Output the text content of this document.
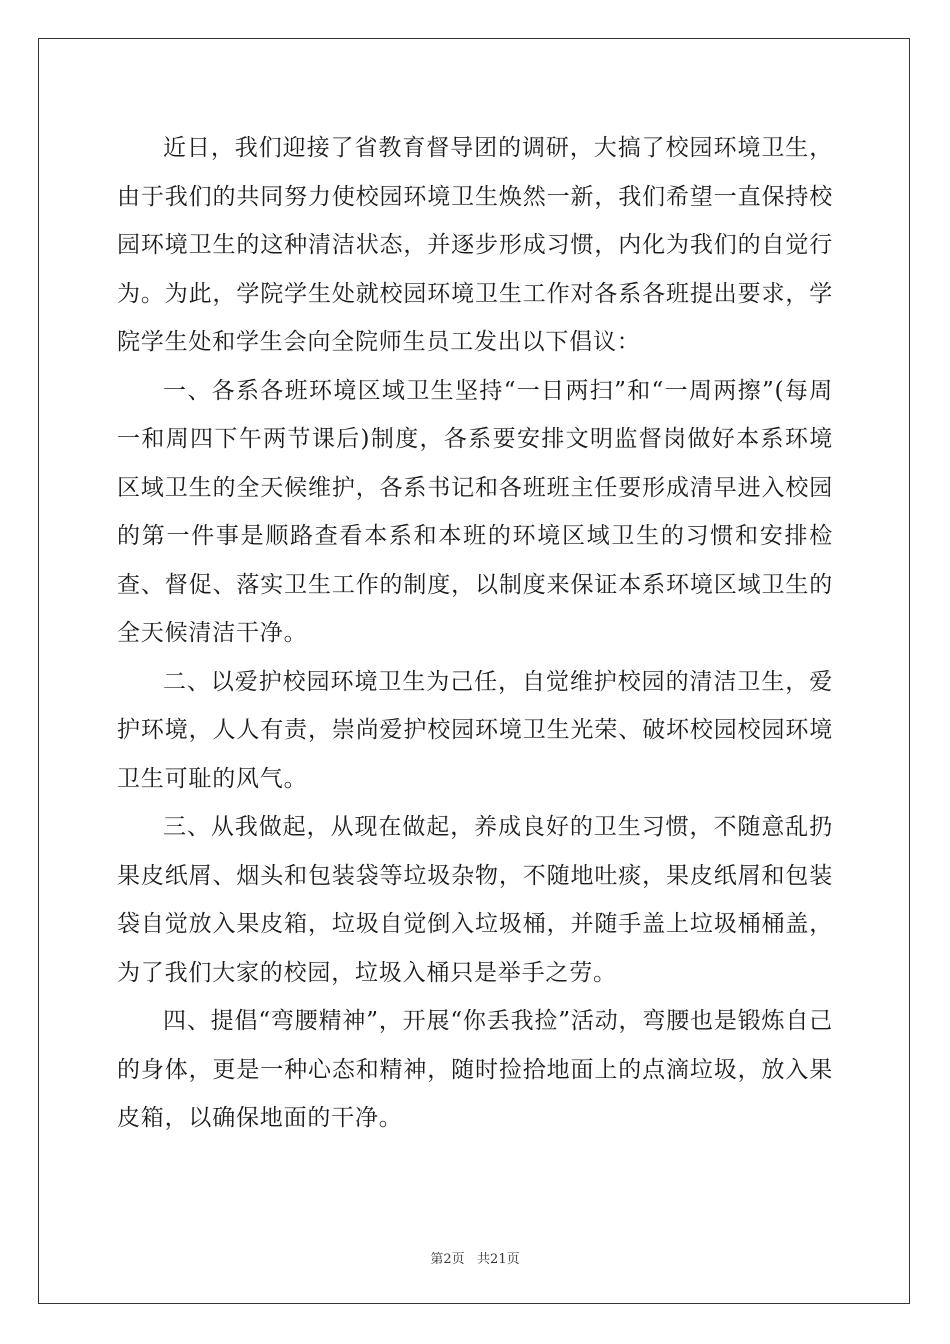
近日，我们迎接了省教育督导团的调研，大搞了校园环境卫生，由于我们的共同努力使校园环境卫生焕然一新，我们希望一直保持校园环境卫生的这种清洁状态，并逐步形成习惯，内化为我们的自觉行为。为此，学院学生处就校园环境卫生工作对各系各班提出要求，学院学生处和学生会向全院师生员工发出以下倡议：

一、各系各班环境区域卫生坚持“一日两扫”和“一周两擦”(每周一和周四下午两节课后)制度，各系要安排文明监督岗做好本系环境区域卫生的全天候维护，各系书记和各班班主任要形成清早进入校园的第一件事是顺路查看本系和本班的环境区域卫生的习惯和安排检查、督促、落实卫生工作的制度，以制度来保证本系环境区域卫生的全天候清洁干净。

二、以爱护校园环境卫生为己任，自觉维护校园的清洁卫生，爱护环境，人人有责，崇尚爱护校园环境卫生光荣、破坏校园校园环境卫生可耻的风气。

三、从我做起，从现在做起，养成良好的卫生习惯，不随意乱扔果皮纸屑、烟头和包装袋等垃圾杂物，不随地吐痰，果皮纸屑和包装袋自觉放入果皮箱，垃圾自觉倒入垃圾桶，并随手盖上垃圾桶桶盖，为了我们大家的校园，垃圾入桶只是举手之劳。

四、提倡“弯腰精神”，开展“你丢我捡”活动，弯腰也是锻炼自己的身体，更是一种心态和精神，随时捡拾地面上的点滴垃圾，放入果皮箱，以确保地面的干净。

第2页   共21页
